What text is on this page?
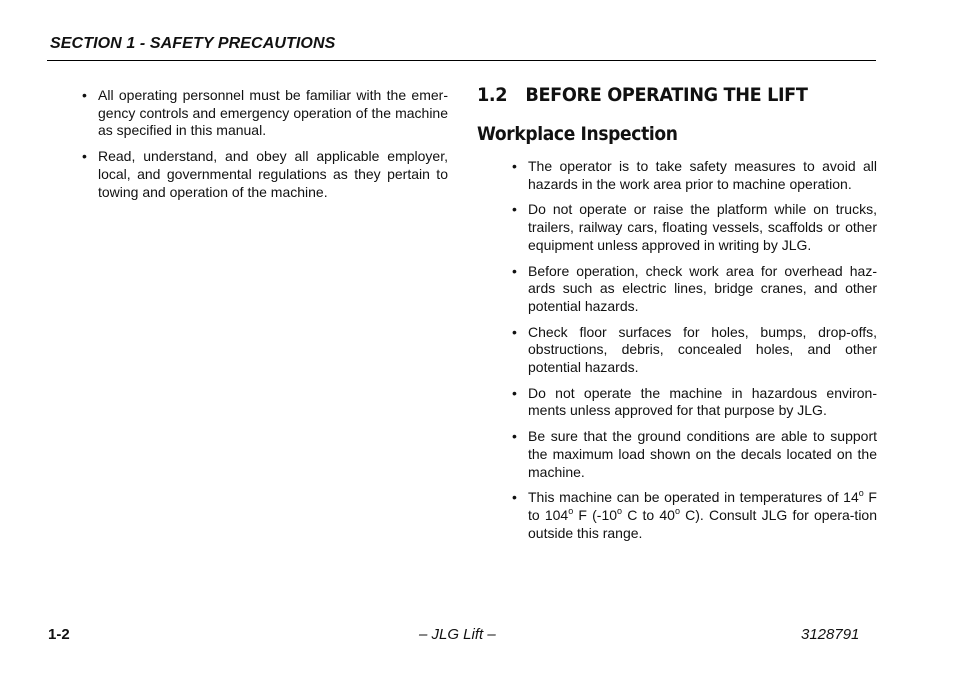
SECTION 1 - SAFETY PRECAUTIONS
• All operating personnel must be familiar with the emer-gency controls and emergency operation of the machine as specified in this manual.
• Read, understand, and obey all applicable employer, local, and governmental regulations as they pertain to towing and operation of the machine.
1.2 BEFORE OPERATING THE LIFT
Workplace Inspection
• The operator is to take safety measures to avoid all hazards in the work area prior to machine operation.
• Do not operate or raise the platform while on trucks, trailers, railway cars, floating vessels, scaffolds or other equipment unless approved in writing by JLG.
• Before operation, check work area for overhead haz-ards such as electric lines, bridge cranes, and other potential hazards.
• Check floor surfaces for holes, bumps, drop-offs, obstructions, debris, concealed holes, and other potential hazards.
• Do not operate the machine in hazardous environ-ments unless approved for that purpose by JLG.
• Be sure that the ground conditions are able to support the maximum load shown on the decals located on the machine.
• This machine can be operated in temperatures of 14$^o$ F to 104$^o$ F (-10$^o$ C to 40$^o$ C). Consult JLG for opera-tion outside this range.
1-2	– JLG Lift –	3128791
